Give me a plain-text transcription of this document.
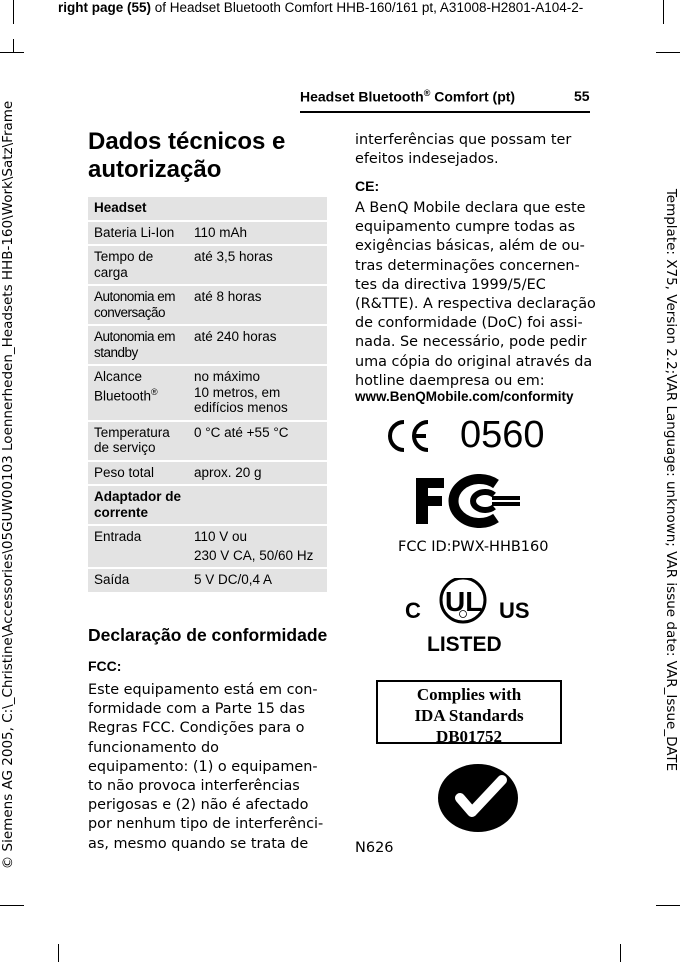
right page (55) of Headset Bluetooth Comfort HHB-160/161 pt, A31008-H2801-A104-2-
© Siemens AG 2005, C:\_Christine\Accessories\05GUW00103 Loennerheden_Headsets HHB-160\Work\Satz\Frame	Template: X75, Version 2.2;VAR Language: unknown; VAR issue date: VAR_Issue_DATE
Headset Bluetooth® Comfort (pt)	55
Dados técnicos e autorização
Headset	
Bateria Li-Ion	110 mAh
Tempo de carga	até 3,5 horas
Autonomia em conversação	até 8 horas
Autonomia em standby	até 240 horas
Alcance Bluetooth®	no máximo
10 metros, em
edifícios menos

Temperatura de serviço	0 °C até +55 °C
Peso total	aprox. 20 g

Adaptador de corrente	

Entrada	110 V ou
230 V CA, 50/60 Hz

Saída	5 V DC/0,4 A
Declaração de conformidade
FCC:
Este equipamento está em con-
formidade com a Parte 15 das
Regras FCC. Condições para o
funcionamento do
equipamento: (1) o equipamen-
to não provoca interferências
perigosas e (2) não é afectado
por nenhum tipo de interferênci-
as, mesmo quando se trata de
interferências que possam ter
efeitos indesejados.
CE:
A BenQ Mobile declara que este
equipamento cumpre todas as
exigências básicas, além de ou-
tras determinações concernen-
tes da directiva 1999/5/EC
(R&TTE). A respectiva declaração
de conformidade (DoC) foi assi-
nada. Se necessário, pode pedir
uma cópia do original através da
hotline daempresa ou em:
www.BenQMobile.com/conformity
0560
FCC ID:PWX-HHB160
C UL US
LISTED
Complies with
IDA Standards
DB01752
N626
